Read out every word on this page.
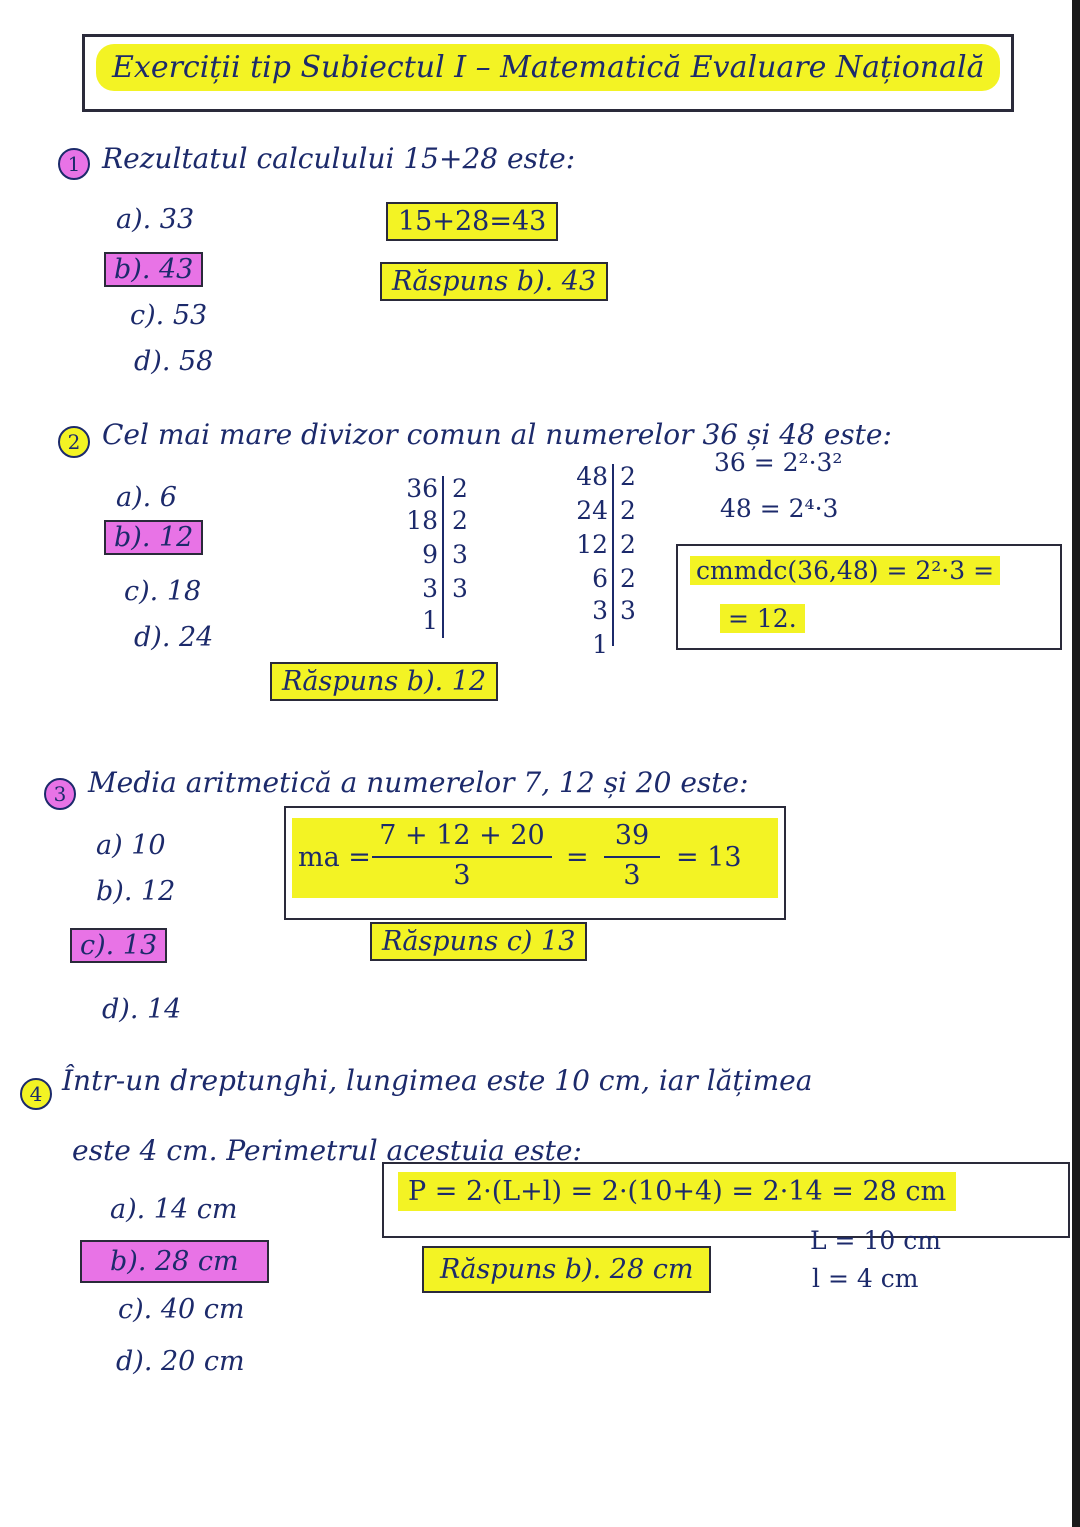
Exerciții tip Subiectul I – Matematică Evaluare Națională
1 Rezultatul calculului 15+28 este:
a). 33
b). 43
c). 53
d). 58
15+28=43
Răspuns b). 43
2 Cel mai mare divizor comun al numerelor 36 și 48 este:
a). 6
b). 12
c). 18
d). 24
36 2
18 2
9 3
3 3
1
48 2
24 2
12 2
6 2
3 3
1
36 = 2²·3²
48 = 2⁴·3
cmmdc(36,48) = 2²·3 =
= 12.
Răspuns b). 12
3 Media aritmetică a numerelor 7, 12 și 20 este:
a) 10
b). 12
c). 13
d). 14
ma =
7 + 12 + 20
3
=
39
3
= 13
Răspuns c) 13
4 Într-un dreptunghi, lungimea este 10 cm, iar lățimea
este 4 cm. Perimetrul acestuia este:
a). 14 cm
b). 28 cm
c). 40 cm
d). 20 cm
P = 2·(L+l) = 2·(10+4) = 2·14 = 28 cm
Răspuns b). 28 cm
L = 10 cm
l = 4 cm
